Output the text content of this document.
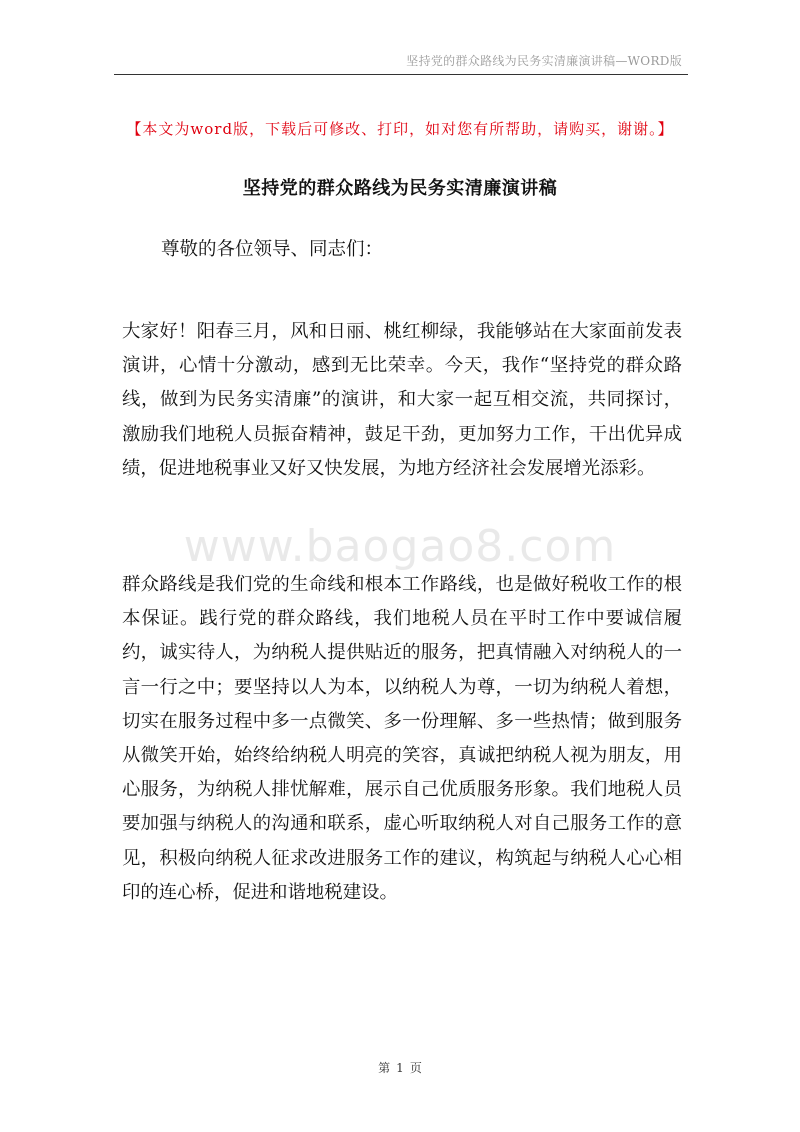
坚持党的群众路线为民务实清廉演讲稿—WORD版
【本文为word版，下载后可修改、打印，如对您有所帮助，请购买，谢谢。】
坚持党的群众路线为民务实清廉演讲稿
尊敬的各位领导、同志们：
大家好！阳春三月，风和日丽、桃红柳绿，我能够站在大家面前发表演讲，心情十分激动，感到无比荣幸。今天，我作“坚持党的群众路线，做到为民务实清廉”的演讲，和大家一起互相交流，共同探讨，激励我们地税人员振奋精神，鼓足干劲，更加努力工作，干出优异成绩，促进地税事业又好又快发展，为地方经济社会发展增光添彩。
www.baogao8.com
群众路线是我们党的生命线和根本工作路线，也是做好税收工作的根本保证。践行党的群众路线，我们地税人员在平时工作中要诚信履约，诚实待人，为纳税人提供贴近的服务，把真情融入对纳税人的一言一行之中；要坚持以人为本，以纳税人为尊，一切为纳税人着想，切实在服务过程中多一点微笑、多一份理解、多一些热情；做到服务从微笑开始，始终给纳税人明亮的笑容，真诚把纳税人视为朋友，用心服务，为纳税人排忧解难，展示自己优质服务形象。我们地税人员要加强与纳税人的沟通和联系，虚心听取纳税人对自己服务工作的意见，积极向纳税人征求改进服务工作的建议，构筑起与纳税人心心相印的连心桥，促进和谐地税建设。
第 1 页
